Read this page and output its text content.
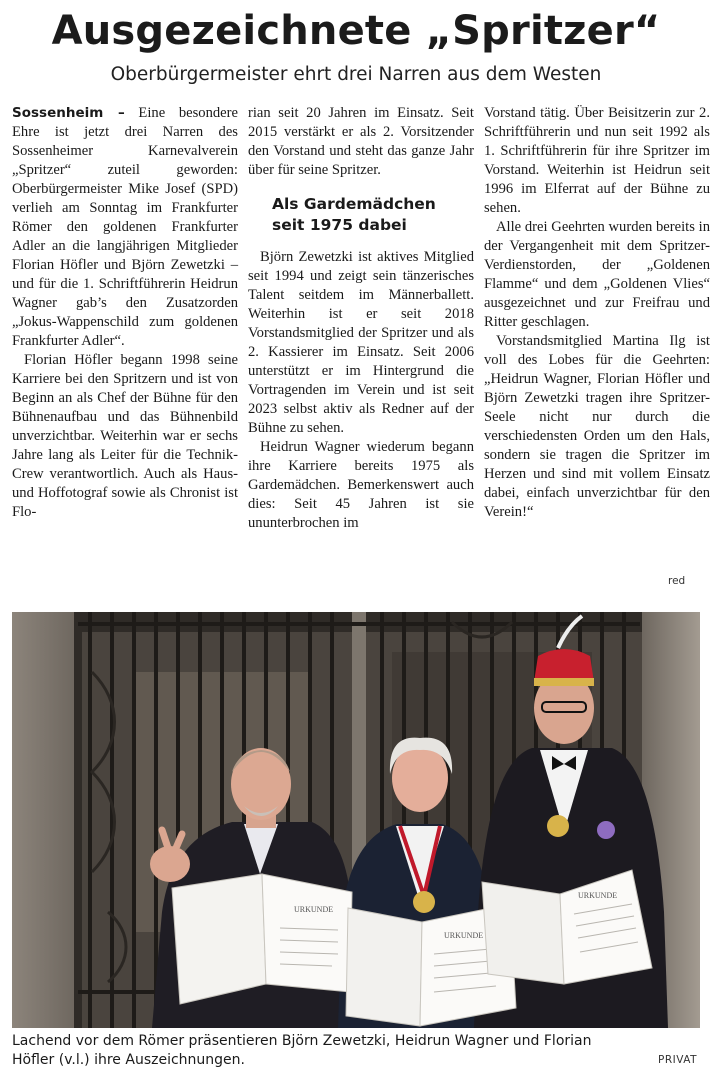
Ausgezeichnete „Spritzer“
Oberbürgermeister ehrt drei Narren aus dem Westen

Sossenheim – Eine besondere Ehre ist jetzt drei Narren des Sossenheimer Karnevalverein „Spritzer“ zuteil geworden: Oberbürgermeister Mike Josef (SPD) verlieh am Sonntag im Frankfurter Römer den goldenen Frankfurter Adler an die langjährigen Mitglieder Florian Höfler und Björn Zewetzki – und für die 1. Schriftführerin Heidrun Wagner gab’s den Zusatzorden „Jokus-Wappenschild zum goldenen Frankfurter Adler“.

Florian Höfler begann 1998 seine Karriere bei den Spritzern und ist von Beginn an als Chef der Bühne für den Bühnenaufbau und das Bühnenbild unverzichtbar. Weiterhin war er sechs Jahre lang als Leiter für die Technik-Crew verantwortlich. Auch als Haus- und Hoffotograf sowie als Chronist ist Flo-

rian seit 20 Jahren im Einsatz. Seit 2015 verstärkt er als 2. Vorsitzender den Vorstand und steht das ganze Jahr über für seine Spritzer.

Als Gardemädchen
seit 1975 dabei

Björn Zewetzki ist aktives Mitglied seit 1994 und zeigt sein tänzerisches Talent seitdem im Männerballett. Weiterhin ist er seit 2018 Vorstandsmitglied der Spritzer und als 2. Kassierer im Einsatz. Seit 2006 unterstützt er im Hintergrund die Vortragenden im Verein und ist seit 2023 selbst aktiv als Redner auf der Bühne zu sehen.

Heidrun Wagner wiederum begann ihre Karriere bereits 1975 als Gardemädchen. Bemerkenswert auch dies: Seit 45 Jahren ist sie ununterbrochen im

Vorstand tätig. Über Beisitzerin zur 2. Schriftführerin und nun seit 1992 als 1. Schriftführerin für ihre Spritzer im Vorstand. Weiterhin ist Heidrun seit 1996 im Elferrat auf der Bühne zu sehen.

Alle drei Geehrten wurden bereits in der Vergangenheit mit dem Spritzer-Verdienstorden, der „Goldenen Flamme“ und dem „Goldenen Vlies“ ausgezeichnet und zur Freifrau und Ritter geschlagen.

Vorstandsmitglied Martina Ilg ist voll des Lobes für die Geehrten: „Heidrun Wagner, Florian Höfler und Björn Zewetzki tragen ihre Spritzer-Seele nicht nur durch die verschiedensten Orden um den Hals, sondern sie tragen die Spritzer im Herzen und sind mit vollem Einsatz dabei, einfach unverzichtbar für den Verein!“

red
URKUNDE
URKUNDE
URKUNDE
Lachend vor dem Römer präsentieren Björn Zewetzki, Heidrun Wagner und Florian Höfler (v.l.) ihre Auszeichnungen.	PRIVAT
